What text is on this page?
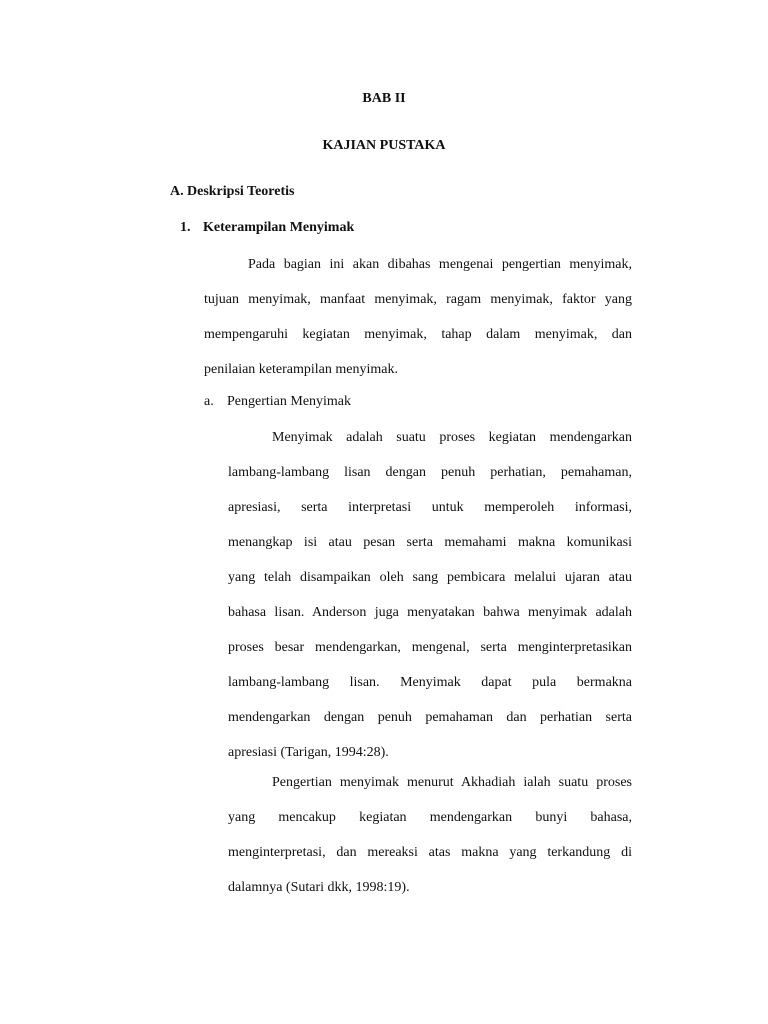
BAB II
KAJIAN PUSTAKA
A. Deskripsi Teoretis
1. Keterampilan Menyimak
Pada bagian ini akan dibahas mengenai pengertian menyimak,
tujuan menyimak, manfaat menyimak, ragam menyimak, faktor yang
mempengaruhi kegiatan menyimak, tahap dalam menyimak, dan
penilaian keterampilan menyimak.
a. Pengertian Menyimak
Menyimak adalah suatu proses kegiatan mendengarkan
lambang-lambang lisan dengan penuh perhatian, pemahaman,
apresiasi, serta interpretasi untuk memperoleh informasi,
menangkap isi atau pesan serta memahami makna komunikasi
yang telah disampaikan oleh sang pembicara melalui ujaran atau
bahasa lisan. Anderson juga menyatakan bahwa menyimak adalah
proses besar mendengarkan, mengenal, serta menginterpretasikan
lambang-lambang lisan. Menyimak dapat pula bermakna
mendengarkan dengan penuh pemahaman dan perhatian serta
apresiasi (Tarigan, 1994:28).
Pengertian menyimak menurut Akhadiah ialah suatu proses
yang mencakup kegiatan mendengarkan bunyi bahasa,
menginterpretasi, dan mereaksi atas makna yang terkandung di
dalamnya (Sutari dkk, 1998:19).
